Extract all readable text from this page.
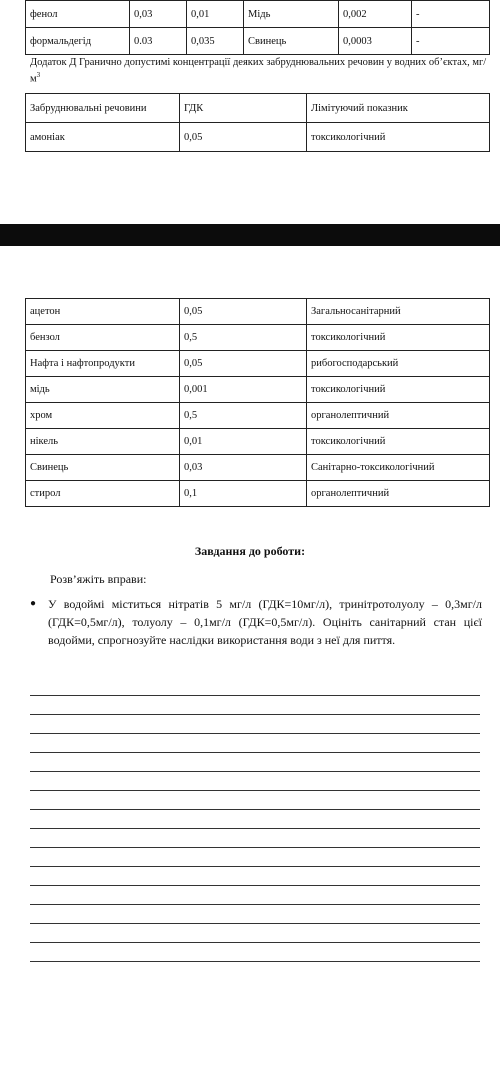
фенол	0,03	0,01	Мідь	0,002	-
формальдегід	0.03	0,035	Свинець	0,0003	-
Додаток Д Гранично допустимі концентрації деяких забруднювальних речовин у водних об’єктах, $мг/м^3$
Забруднювальні речовини	ГДК	Лімітуючий показник
амоніак	0,05	токсикологічний
ацетон	0,05	Загальносанітарний
бензол	0,5	токсикологічний
Нафта і нафтопродукти	0,05	рибогосподарський
мідь	0,001	токсикологічний
хром	0,5	органолептичний
нікель	0,01	токсикологічний
Свинець	0,03	Санітарно-токсикологічний
стирол	0,1	органолептичний
Завдання до роботи:
Розв’яжіть вправи:
● У водоймі міститься нітратів 5 мг/л (ГДК=10мг/л), тринітротолуолу – 0,3мг/л (ГДК=0,5мг/л), толуолу – 0,1мг/л (ГДК=0,5мг/л). Оцініть санітарний стан цієї водойми, спрогнозуйте наслідки використання води з неї для пиття.
